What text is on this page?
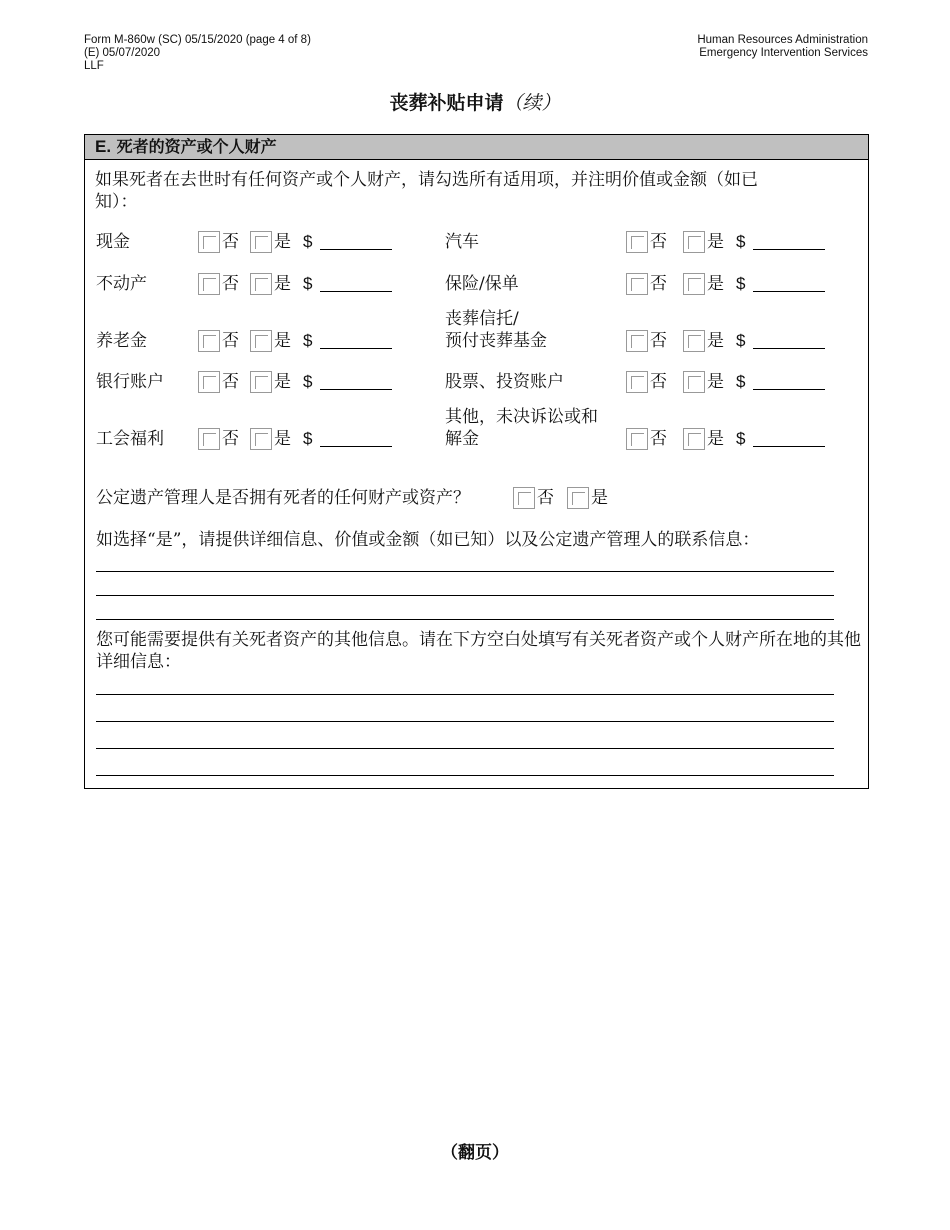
Form M-860w (SC) 05/15/2020 (page 4 of 8)
(E) 05/07/2020
LLF
Human Resources Administration
Emergency Intervention Services
丧葬补贴申请（续）
E. 死者的资产或个人财产
如果死者在去世时有任何资产或个人财产，请勾选所有适用项，并注明价值或金额（如已知）：
公定遗产管理人是否拥有死者的任何财产或资产？
如选择“是”，请提供详细信息、价值或金额（如已知）以及公定遗产管理人的联系信息：
您可能需要提供有关死者资产的其他信息。请在下方空白处填写有关死者资产或个人财产所在地的其他详细信息：
现金	否 是 $
不动产	否 是 $
养老金	否 是 $
银行账户	否 是 $
工会福利	否 是 $
汽车	否 是 $
保险/保单	否 是 $
丧葬信托/
预付丧葬基金	否 是 $
股票、投资账户	否 是 $
其他，未决诉讼或和
解金	否 是 $
否 是
（翻页）
